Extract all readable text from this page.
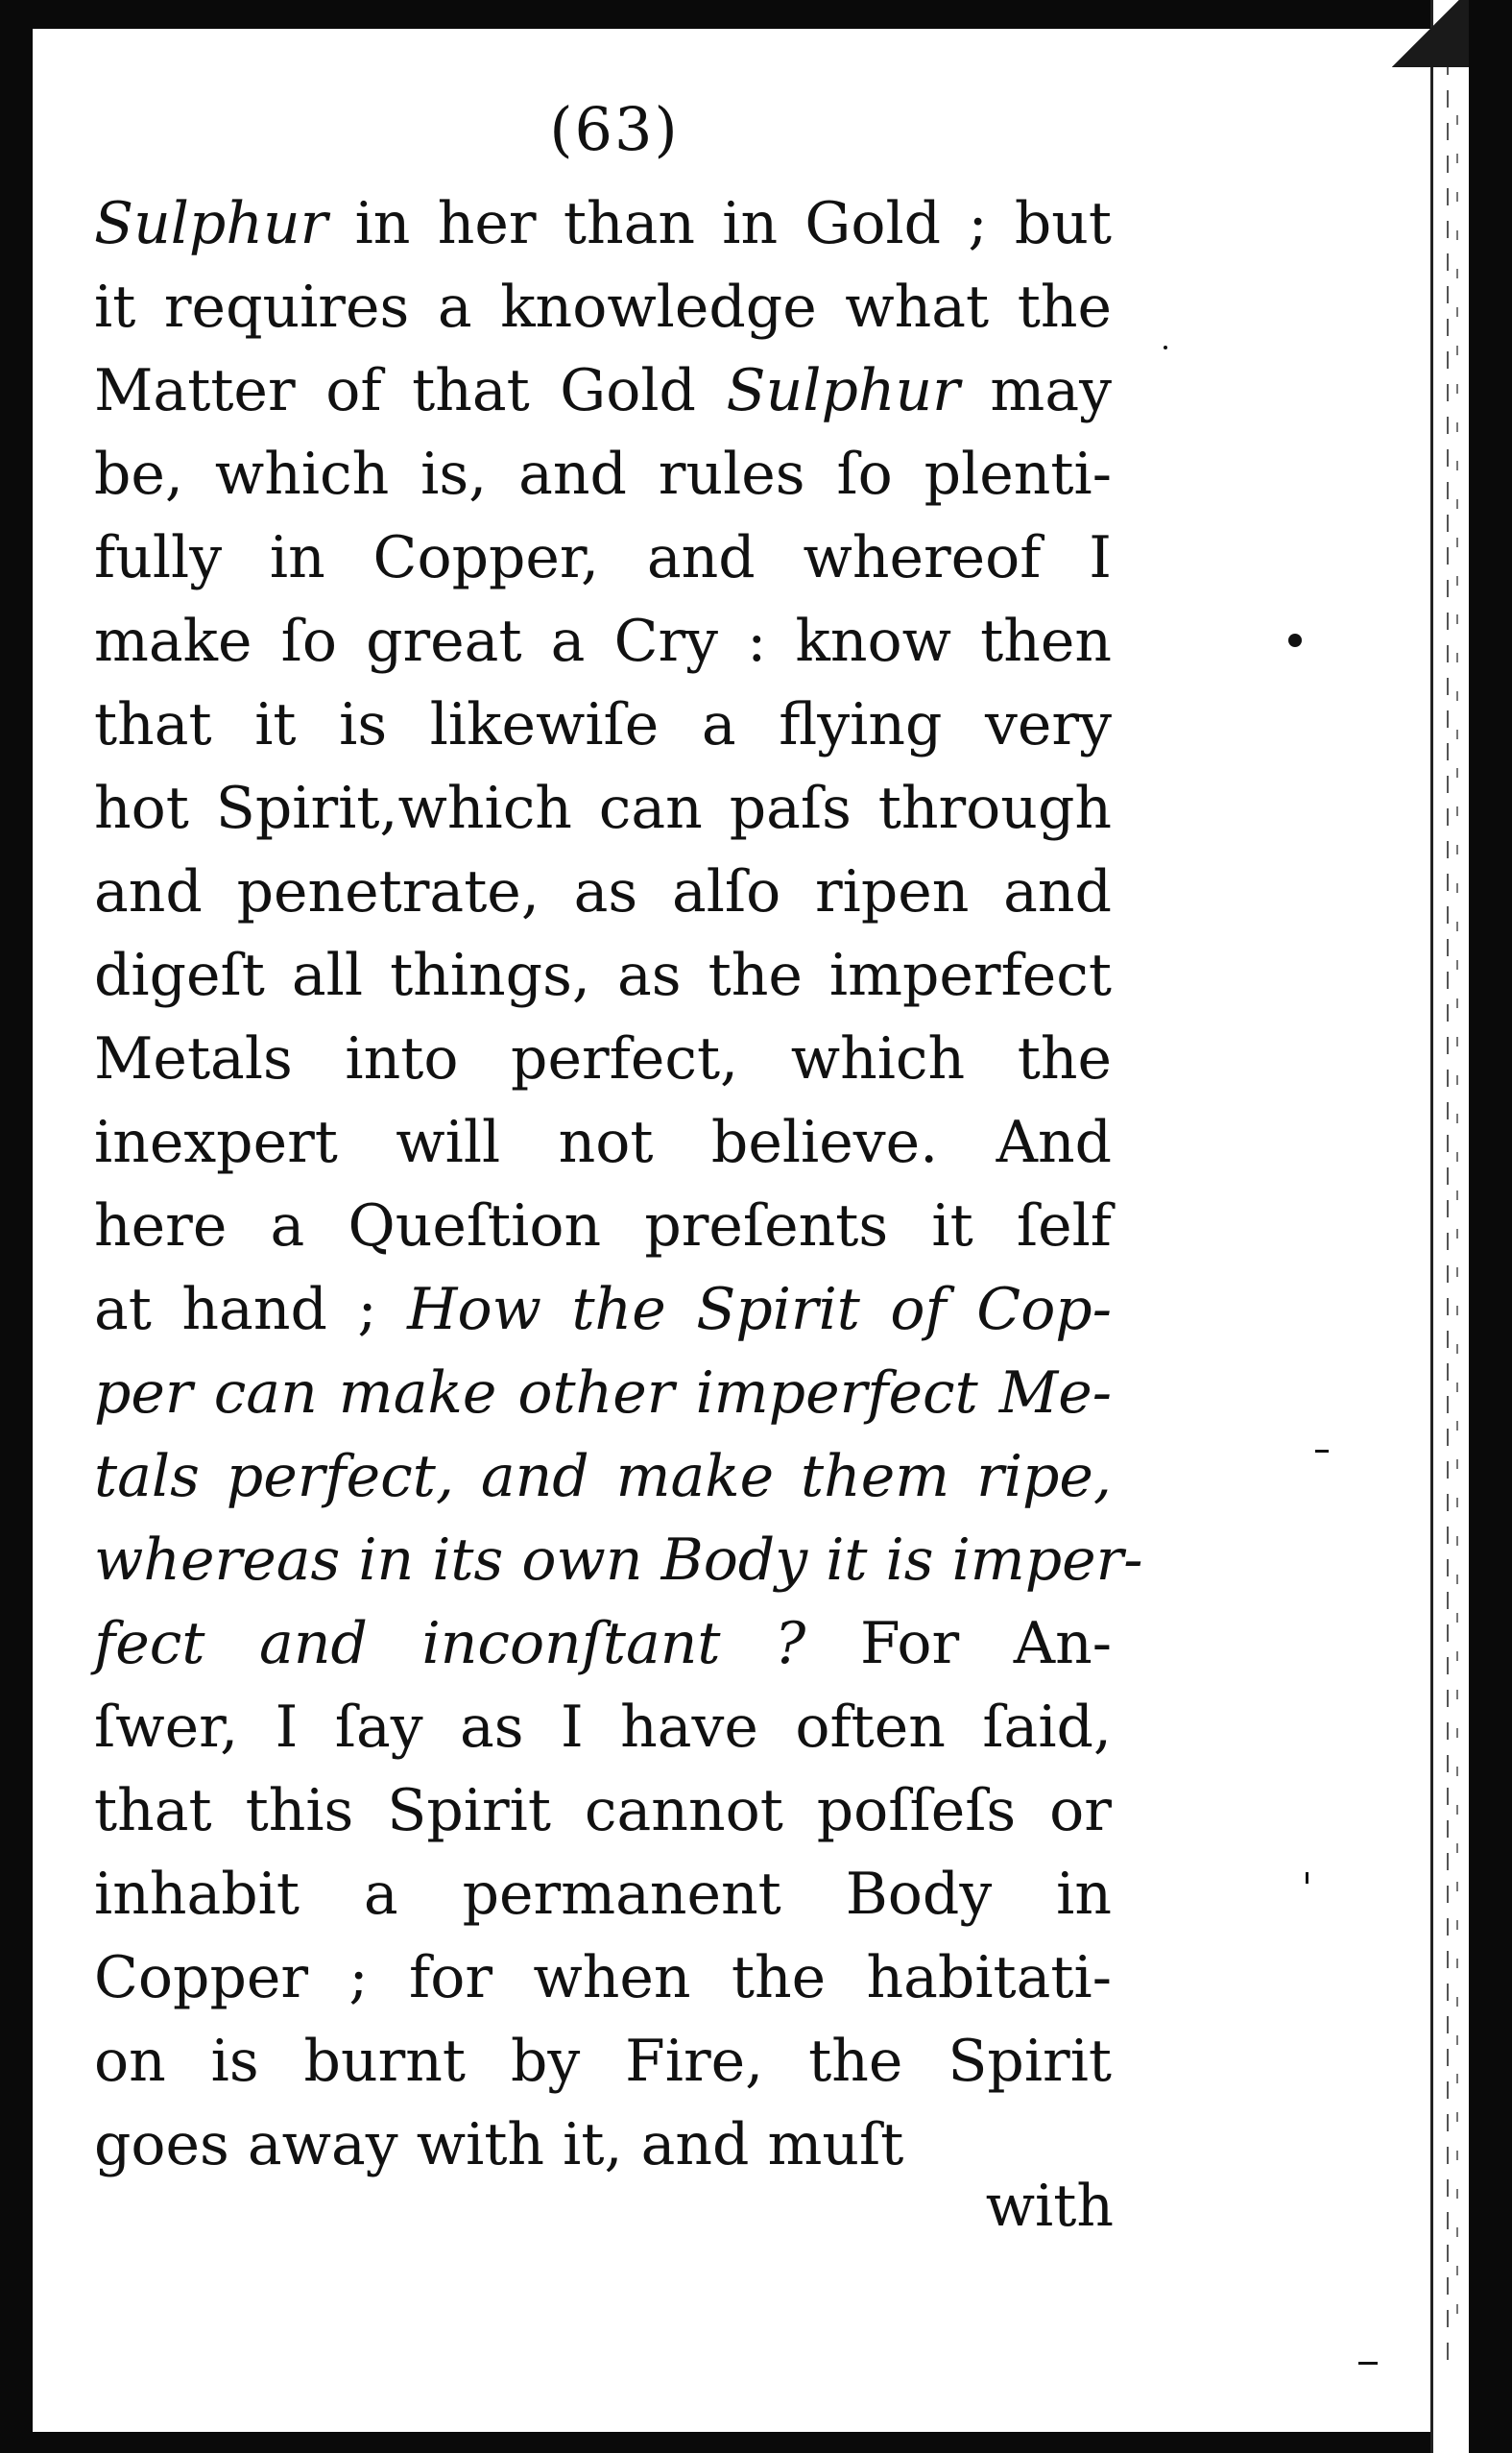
(63)
Sulphur in her than in Gold ; but
it requires a knowledge what the
Matter of that Gold Sulphur may
be, which is, and rules ſo plenti-
fully in Copper, and whereof I
make ſo great a Cry : know then
that it is likewiſe a flying very
hot Spirit,which can paſs through
and penetrate, as alſo ripen and
digeſt all things, as the imperfect
Metals into perfect, which the
inexpert will not believe. And
here a Queſtion preſents it ſelf
at hand ; How the Spirit of Cop-
per can make other imperfect Me-
tals perfect, and make them ripe,
whereas in its own Body it is imper-
fect and inconſtant ? For An-
ſwer, I ſay as I have often ſaid,
that this Spirit cannot poſſeſs or
inhabit a permanent Body in
Copper ; for when the habitati-
on is burnt by Fire, the Spirit
goes away with it, and muſt
with
